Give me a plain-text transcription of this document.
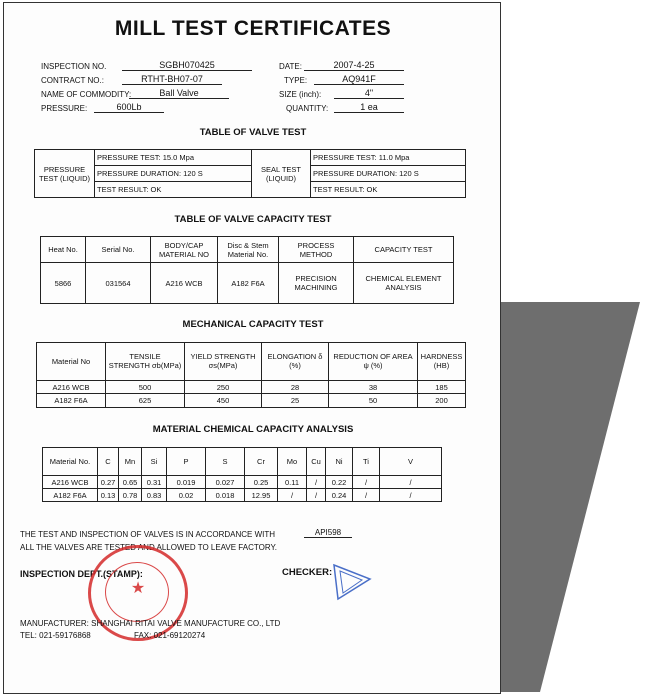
MILL TEST CERTIFICATES
INSPECTION NO.	SGBH070425	DATE:	2007-4-25
CONTRACT NO.:	RTHT-BH07-07	TYPE:	AQ941F
NAME OF COMMODITY:	Ball Valve	SIZE (inch):	4"
PRESSURE:	600Lb	QUANTITY:	1 ea
TABLE OF VALVE TEST
PRESSURE TEST (LIQUID)	PRESSURE TEST: 15.0 Mpa	SEAL TEST (LIQUID)	PRESSURE TEST: 11.0 Mpa
	PRESSURE DURATION: 120 S		PRESSURE DURATION: 120 S
	TEST RESULT: OK		TEST RESULT: OK
TABLE OF VALVE CAPACITY TEST
Heat No.	Serial No.	BODY/CAP MATERIAL NO	Disc & Stem Material No.	PROCESS METHOD	CAPACITY TEST
5866	031564	A216 WCB	A182 F6A	PRECISION MACHINING	CHEMICAL ELEMENT ANALYSIS
MECHANICAL CAPACITY TEST
Material No	TENSILE STRENGTH σb(MPa)	YIELD STRENGTH σs(MPa)	ELONGATION δ (%)	REDUCTION OF AREA ψ (%)	HARDNESS (HB)
A216 WCB	500	250	28	38	185
A182 F6A	625	450	25	50	200
MATERIAL CHEMICAL CAPACITY ANALYSIS
Material No.	C	Mn	Si	P	S	Cr	Mo	Cu	Ni	Ti	V
A216 WCB	0.27	0.65	0.31	0.019	0.027	0.25	0.11	/	0.22	/	/
A182 F6A	0.13	0.78	0.83	0.02	0.018	12.95	/	/	0.24	/	/
THE TEST AND INSPECTION OF VALVES IS IN ACCORDANCE WITH	API598
ALL THE VALVES ARE TESTED AND ALLOWED TO LEAVE FACTORY.
INSPECTION DEPT.(STAMP):	CHECKER:
★
MANUFACTURER: SHANGHAI RITAI VALVE MANUFACTURE CO., LTD
TEL: 021-59176868	FAX: 021-69120274
